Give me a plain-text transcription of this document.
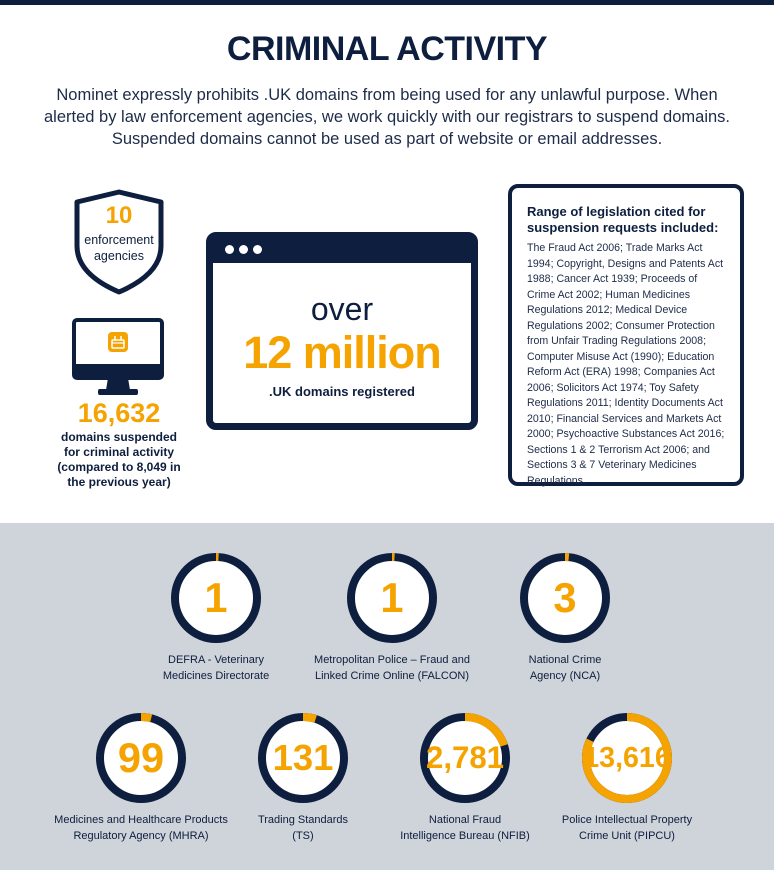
CRIMINAL ACTIVITY
Nominet expressly prohibits .UK domains from being used for any unlawful purpose. When alerted by law enforcement agencies, we work quickly with our registrars to suspend domains. Suspended domains cannot be used as part of website or email addresses.
10
enforcement
agencies
16,632
domains suspended
for criminal activity
(compared to 8,049 in
the previous year)
over
12 million
.UK domains registered
Range of legislation cited for suspension requests included:
The Fraud Act 2006; Trade Marks Act 1994; Copyright, Designs and Patents Act 1988; Cancer Act 1939; Proceeds of Crime Act 2002; Human Medicines Regulations 2012; Medical Device Regulations 2002; Consumer Protection from Unfair Trading Regulations 2008; Computer Misuse Act (1990); Education Reform Act (ERA) 1998; Companies Act 2006; Solicitors Act 1974; Toy Safety Regulations 2011; Identity Documents Act 2010; Financial Services and Markets Act 2000; Psychoactive Substances Act 2016; Sections 1 & 2 Terrorism Act 2006; and Sections 3 & 7 Veterinary Medicines Regulations.
1
DEFRA - Veterinary
Medicines Directorate
1
Metropolitan Police – Fraud and
Linked Crime Online (FALCON)
3
National Crime
Agency (NCA)
99
Medicines and Healthcare Products
Regulatory Agency (MHRA)
131
Trading Standards
(TS)
2,781
National Fraud
Intelligence Bureau (NFIB)
13,616
Police Intellectual Property
Crime Unit (PIPCU)
